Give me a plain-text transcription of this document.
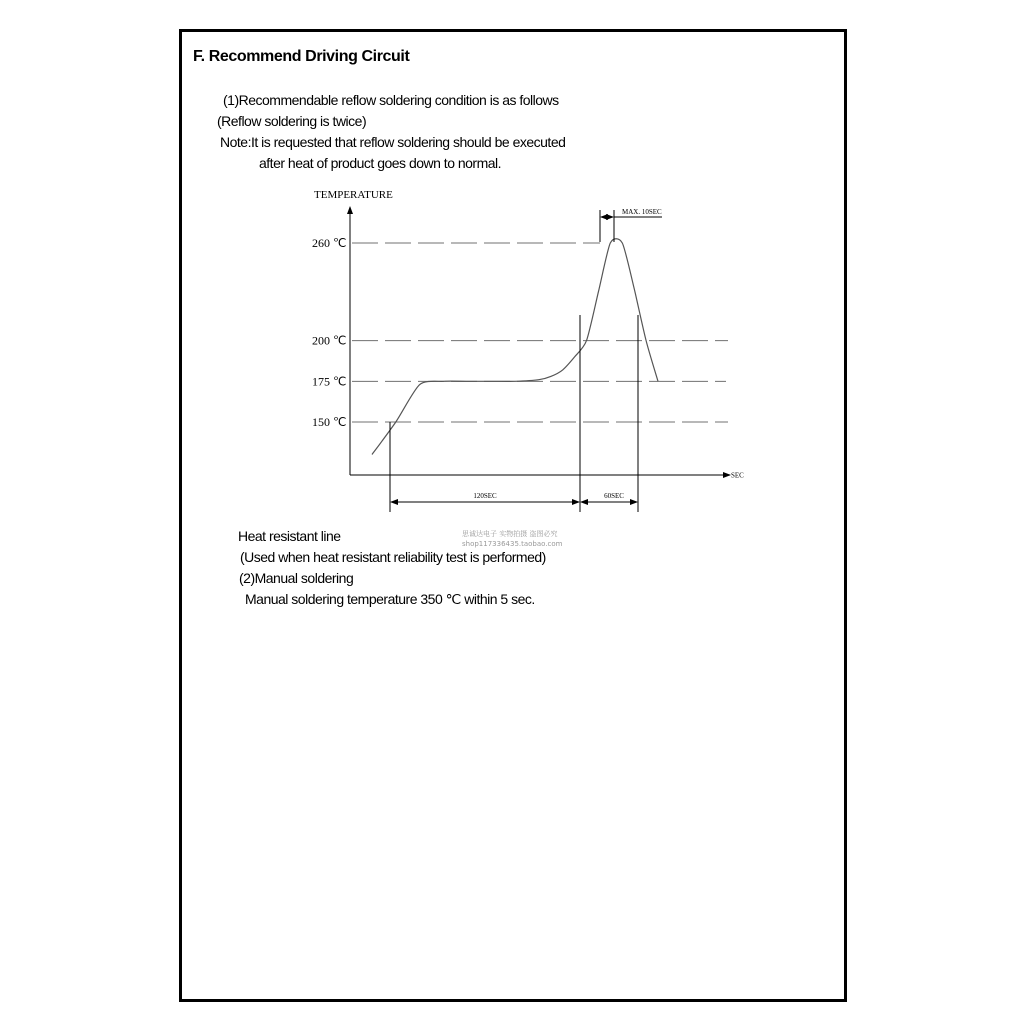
F. Recommend Driving Circuit
(1)Recommendable reflow soldering condition is as follows
(Reflow soldering is twice)
Note:It is requested that reflow soldering should be executed
after heat of product goes down to normal.
TEMPERATURE
SEC
260 ℃
200 ℃
175 ℃
150 ℃
120SEC	60SEC
MAX. 10SEC
Heat resistant line
(Used when heat resistant reliability test is performed)
(2)Manual soldering
Manual soldering temperature 350 ℃ within 5 sec.
思诚达电子 实物拍摄 盗图必究
shop117336435.taobao.com
